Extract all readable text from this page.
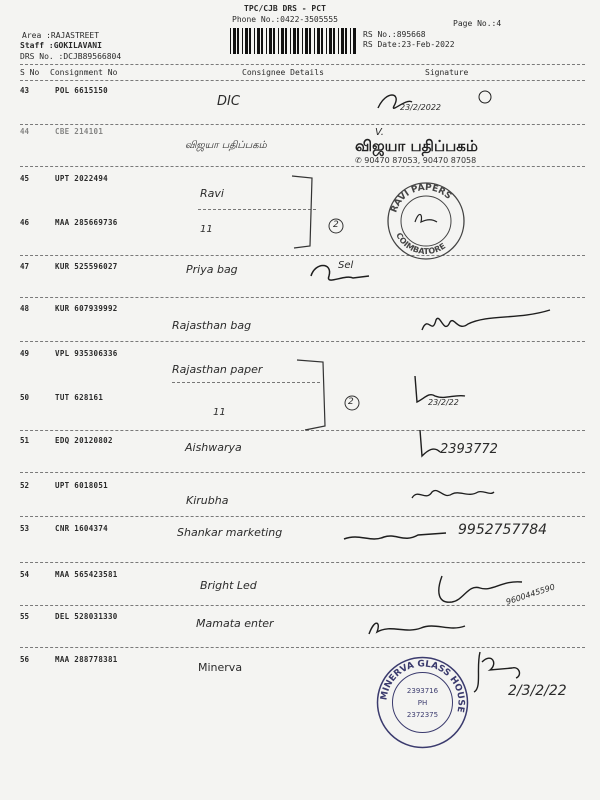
TPC/CJB DRS - PCT
Phone No.:0422-3505555	Page No.:4
Area :RAJASTREET
Staff :GOKILAVANI
DRS No. :DCJB89566804
RS No.:895668
RS Date:23-Feb-2022
S No Consignment No	Consignee Details	Signature
43	POL 6615150
DIC
44	CBE 214101
விஜயா பதிப்பகம்
45	UPT 2022494
Ravi
46	MAA 285669736
11
47	KUR 525596027	Priya bag
48	KUR 607939992
Rajasthan bag
49	VPL 935306336
Rajasthan paper
50	TUT 628161
11
51	EDQ 20120802
Aishwarya
52	UPT 6018051
Kirubha
53	CNR 1604374	Shankar marketing
54	MAA 565423581
Bright Led
55	DEL 528031330
Mamata enter
56	MAA 288778381
Minerva
2
2
23/2/2022
V.
விஜயா பதிப்பகம்
✆ 90470 87053, 90470 87058
RAVI PAPERS
COIMBATORE
Sel
23/2/22
2393772
9952757784
9600445590
MINERVA GLASS HOUSE
2393716
PH
2372375
2/3/2/22
